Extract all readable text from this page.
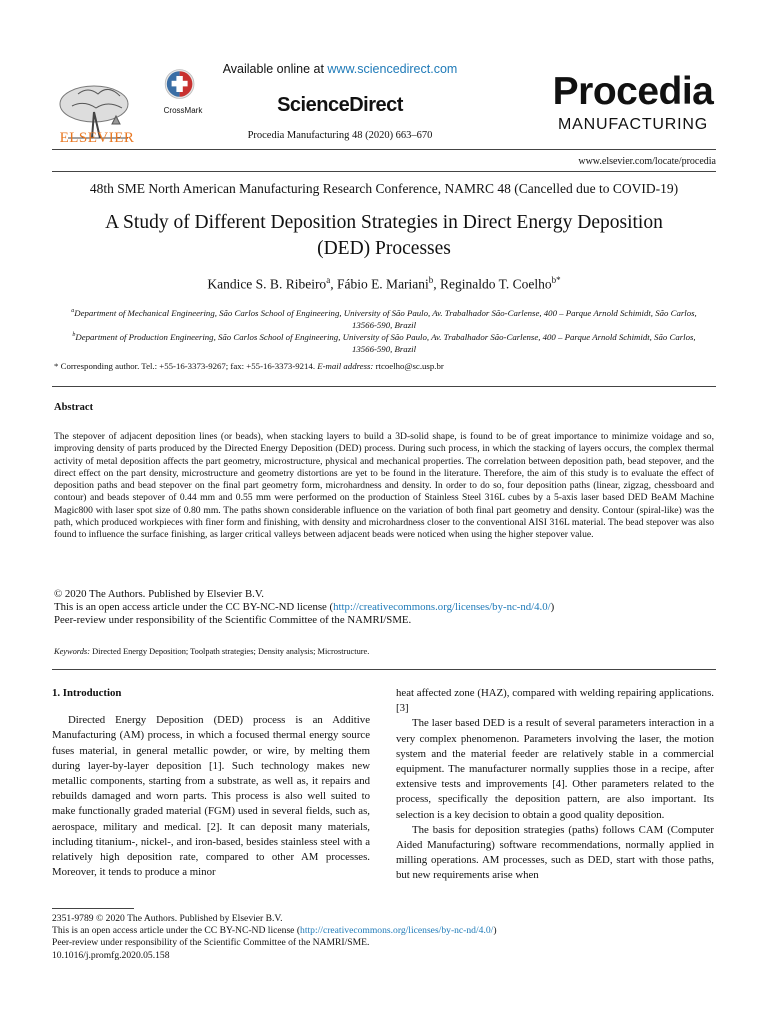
ELSEVIER
CrossMark
Available online at www.sciencedirect.com
ScienceDirect
Procedia Manufacturing 48 (2020) 663–670
Procedia
MANUFACTURING
www.elsevier.com/locate/procedia
48th SME North American Manufacturing Research Conference, NAMRC 48 (Cancelled due to COVID-19)
A Study of Different Deposition Strategies in Direct Energy Deposition
(DED) Processes
Kandice S. B. Ribeiro$^a$, Fábio E. Mariani$^b$, Reginaldo T. Coelho$^{b*}$
$^a$Department of Mechanical Engineering, São Carlos School of Engineering, University of São Paulo, Av. Trabalhador São-Carlense, 400 – Parque Arnold Schimidt, São Carlos, 13566-590, Brazil
$^b$Department of Production Engineering, São Carlos School of Engineering, University of São Paulo, Av. Trabalhador São-Carlense, 400 – Parque Arnold Schimidt, São Carlos, 13566-590, Brazil
* Corresponding author. Tel.: +55-16-3373-9267; fax: +55-16-3373-9214. E-mail address: rtcoelho@sc.usp.br
Abstract
The stepover of adjacent deposition lines (or beads), when stacking layers to build a 3D-solid shape, is found to be of great importance to minimize voidage and so, improving density of parts produced by the Directed Energy Deposition (DED) process. During such process, in which the stacking of layers occurs, the complex thermal activity of metal deposition affects the part geometry, microstructure, physical and mechanical properties. The correlation between deposition path, bead stepover, and the direct effect on the part density, microstructure and geometry distortions are yet to be found in the literature. Therefore, the aim of this study is to evaluate the effect of deposition paths and bead stepover on the final part geometry form, microhardness and density. In order to do so, four deposition paths (linear, zigzag, chessboard and contour) and beads stepover of 0.44 mm and 0.55 mm were performed on the production of Stainless Steel 316L cubes by a 5-axis laser based DED BeAM Machine Magic800 with laser spot size of 0.80 mm. The paths shown considerable influence on the variation of both final part geometry and density. Contour (spiral-like) was the path, which produced workpieces with finer form and finishing, with density and microhardness closer to the conventional AISI 316L material. The bead stepover was also found to influence the surface finishing, as larger critical valleys between adjacent beads were noticed when using the higher stepover value.
© 2020 The Authors. Published by Elsevier B.V.
This is an open access article under the CC BY-NC-ND license (http://creativecommons.org/licenses/by-nc-nd/4.0/)
Peer-review under responsibility of the Scientific Committee of the NAMRI/SME.
Keywords: Directed Energy Deposition; Toolpath strategies; Density analysis; Microstructure.

1. Introduction

Directed Energy Deposition (DED) process is an Additive Manufacturing (AM) process, in which a focused thermal energy source fuses material, in general metallic powder, or wire, by melting them during layer-by-layer deposition [1]. Such technology makes new metallic components, starting from a substrate, as well as, it repairs and rebuilds damaged and worn parts. This process is also well suited to make functionally graded material (FGM) used in several fields, such as, aerospace, military and medical. [2]. It can deposit many materials, including titanium-, nickel-, and iron-based, besides stainless steel with a relatively high deposition rate, compared to other AM processes. Moreover, it tends to produce a minor

heat affected zone (HAZ), compared with welding repairing applications. [3]

The laser based DED is a result of several parameters interaction in a very complex phenomenon. Parameters involving the laser, the motion system and the material feeder are relatively stable in a commercial equipment. The manufacturer normally supplies those in a recipe, after extensive tests and improvements [4]. Other parameters related to the process, specifically the deposition pattern, are also important. Its selection is a key decision to obtain a good quality deposition.

The basis for deposition strategies (paths) follows CAM (Computer Aided Manufacturing) software recommendations, normally applied in milling operations. AM processes, such as DED, start with those paths, but new requirements arise when

2351-9789 © 2020 The Authors. Published by Elsevier B.V.
This is an open access article under the CC BY-NC-ND license (http://creativecommons.org/licenses/by-nc-nd/4.0/)
Peer-review under responsibility of the Scientific Committee of the NAMRI/SME.
10.1016/j.promfg.2020.05.158
